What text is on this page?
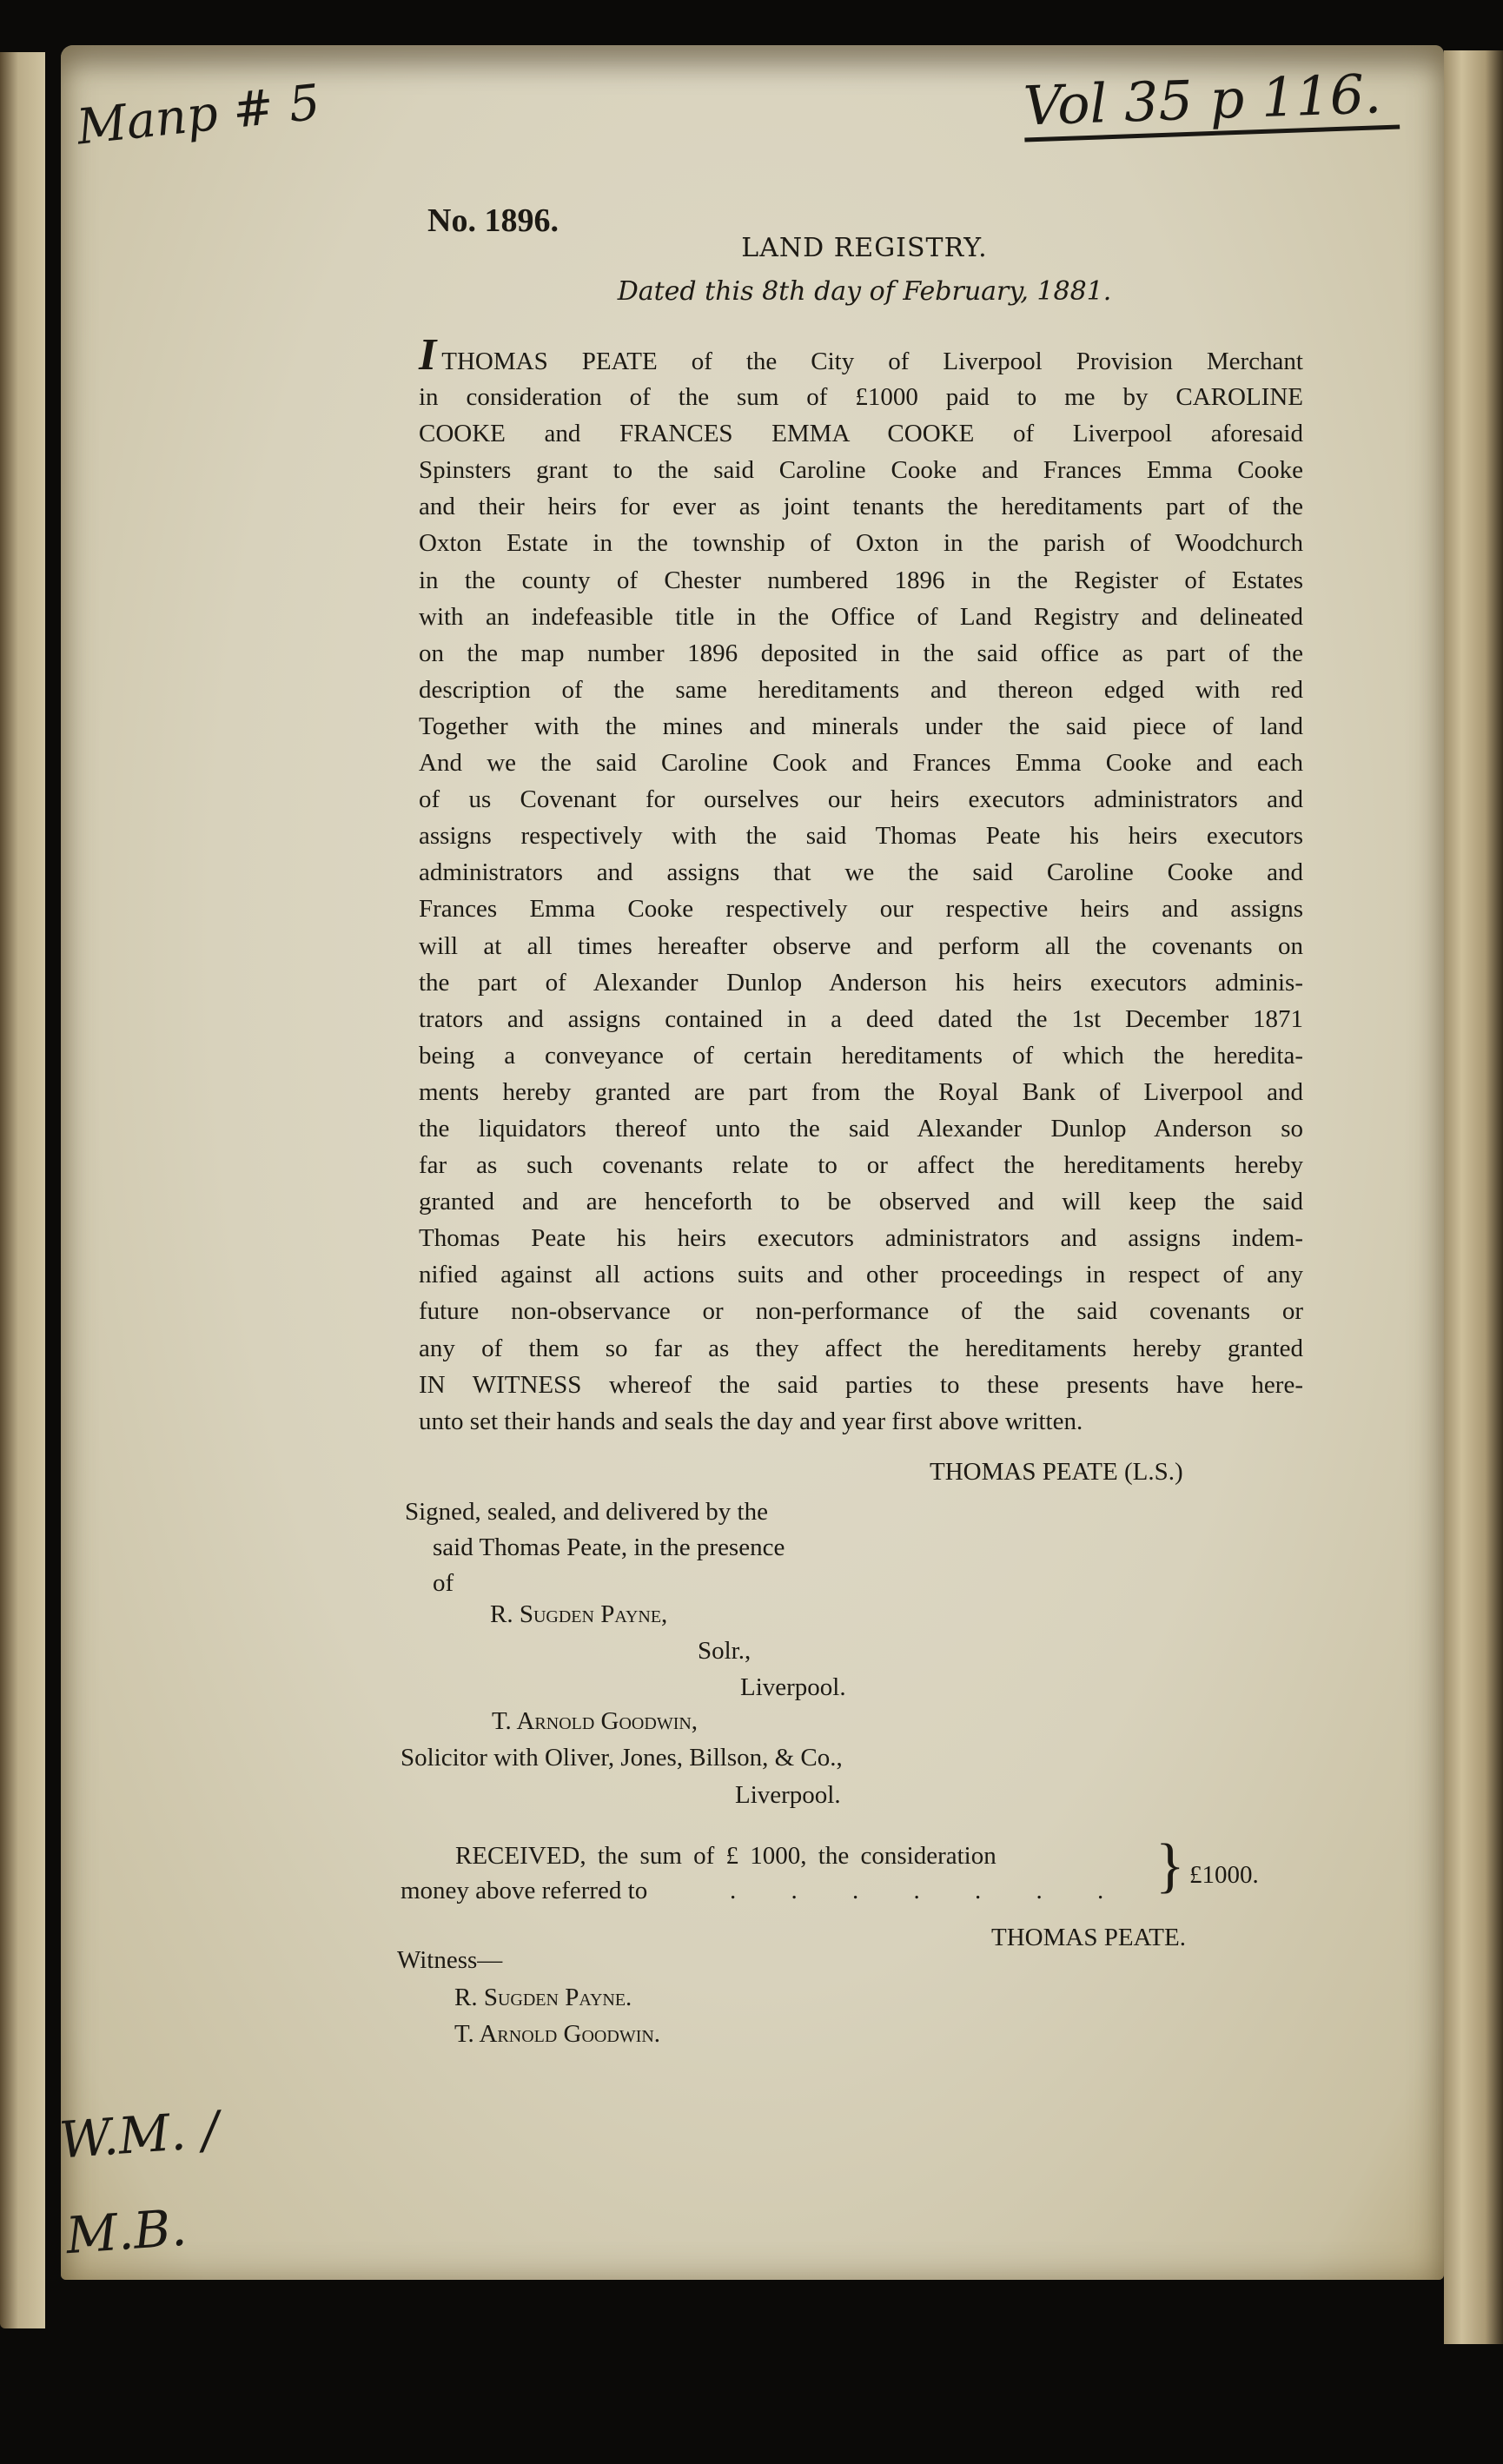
Manp # 5	Vol 35 p 116.
W.M. / M.B.
No. 1896.
LAND REGISTRY.
Dated this 8th day of February, 1881.
ITHOMAS PEATE of the City of Liverpool Provision Merchant
in consideration of the sum of £1000 paid to me by CAROLINE
COOKE and FRANCES EMMA COOKE of Liverpool aforesaid
Spinsters grant to the said Caroline Cooke and Frances Emma Cooke
and their heirs for ever as joint tenants the hereditaments part of the
Oxton Estate in the township of Oxton in the parish of Woodchurch
in the county of Chester numbered 1896 in the Register of Estates
with an indefeasible title in the Office of Land Registry and delineated
on the map number 1896 deposited in the said office as part of the
description of the same hereditaments and thereon edged with red
Together with the mines and minerals under the said piece of land
And we the said Caroline Cook and Frances Emma Cooke and each
of us Covenant for ourselves our heirs executors administrators and
assigns respectively with the said Thomas Peate his heirs executors
administrators and assigns that we the said Caroline Cooke and
Frances Emma Cooke respectively our respective heirs and assigns
will at all times hereafter observe and perform all the covenants on
the part of Alexander Dunlop Anderson his heirs executors adminis-
trators and assigns contained in a deed dated the 1st December 1871
being a conveyance of certain hereditaments of which the heredita-
ments hereby granted are part from the Royal Bank of Liverpool and
the liquidators thereof unto the said Alexander Dunlop Anderson so
far as such covenants relate to or affect the hereditaments hereby
granted and are henceforth to be observed and will keep the said
Thomas Peate his heirs executors administrators and assigns indem-
nified against all actions suits and other proceedings in respect of any
future non-observance or non-performance of the said covenants or
any of them so far as they affect the hereditaments hereby granted
IN WITNESS whereof the said parties to these presents have here-
unto set their hands and seals the day and year first above written.
THOMAS PEATE (L.S.)
Signed, sealed, and delivered by the
said Thomas Peate, in the presence
of
R. Sugden Payne,
Solr.,
Liverpool.
T. Arnold Goodwin,
Solicitor with Oliver, Jones, Billson, & Co.,
Liverpool.
RECEIVED, the sum of £ 1000, the consideration
money above referred to	. . . . . . . } £1000.
THOMAS PEATE.
Witness—
R. Sugden Payne.
T. Arnold Goodwin.
